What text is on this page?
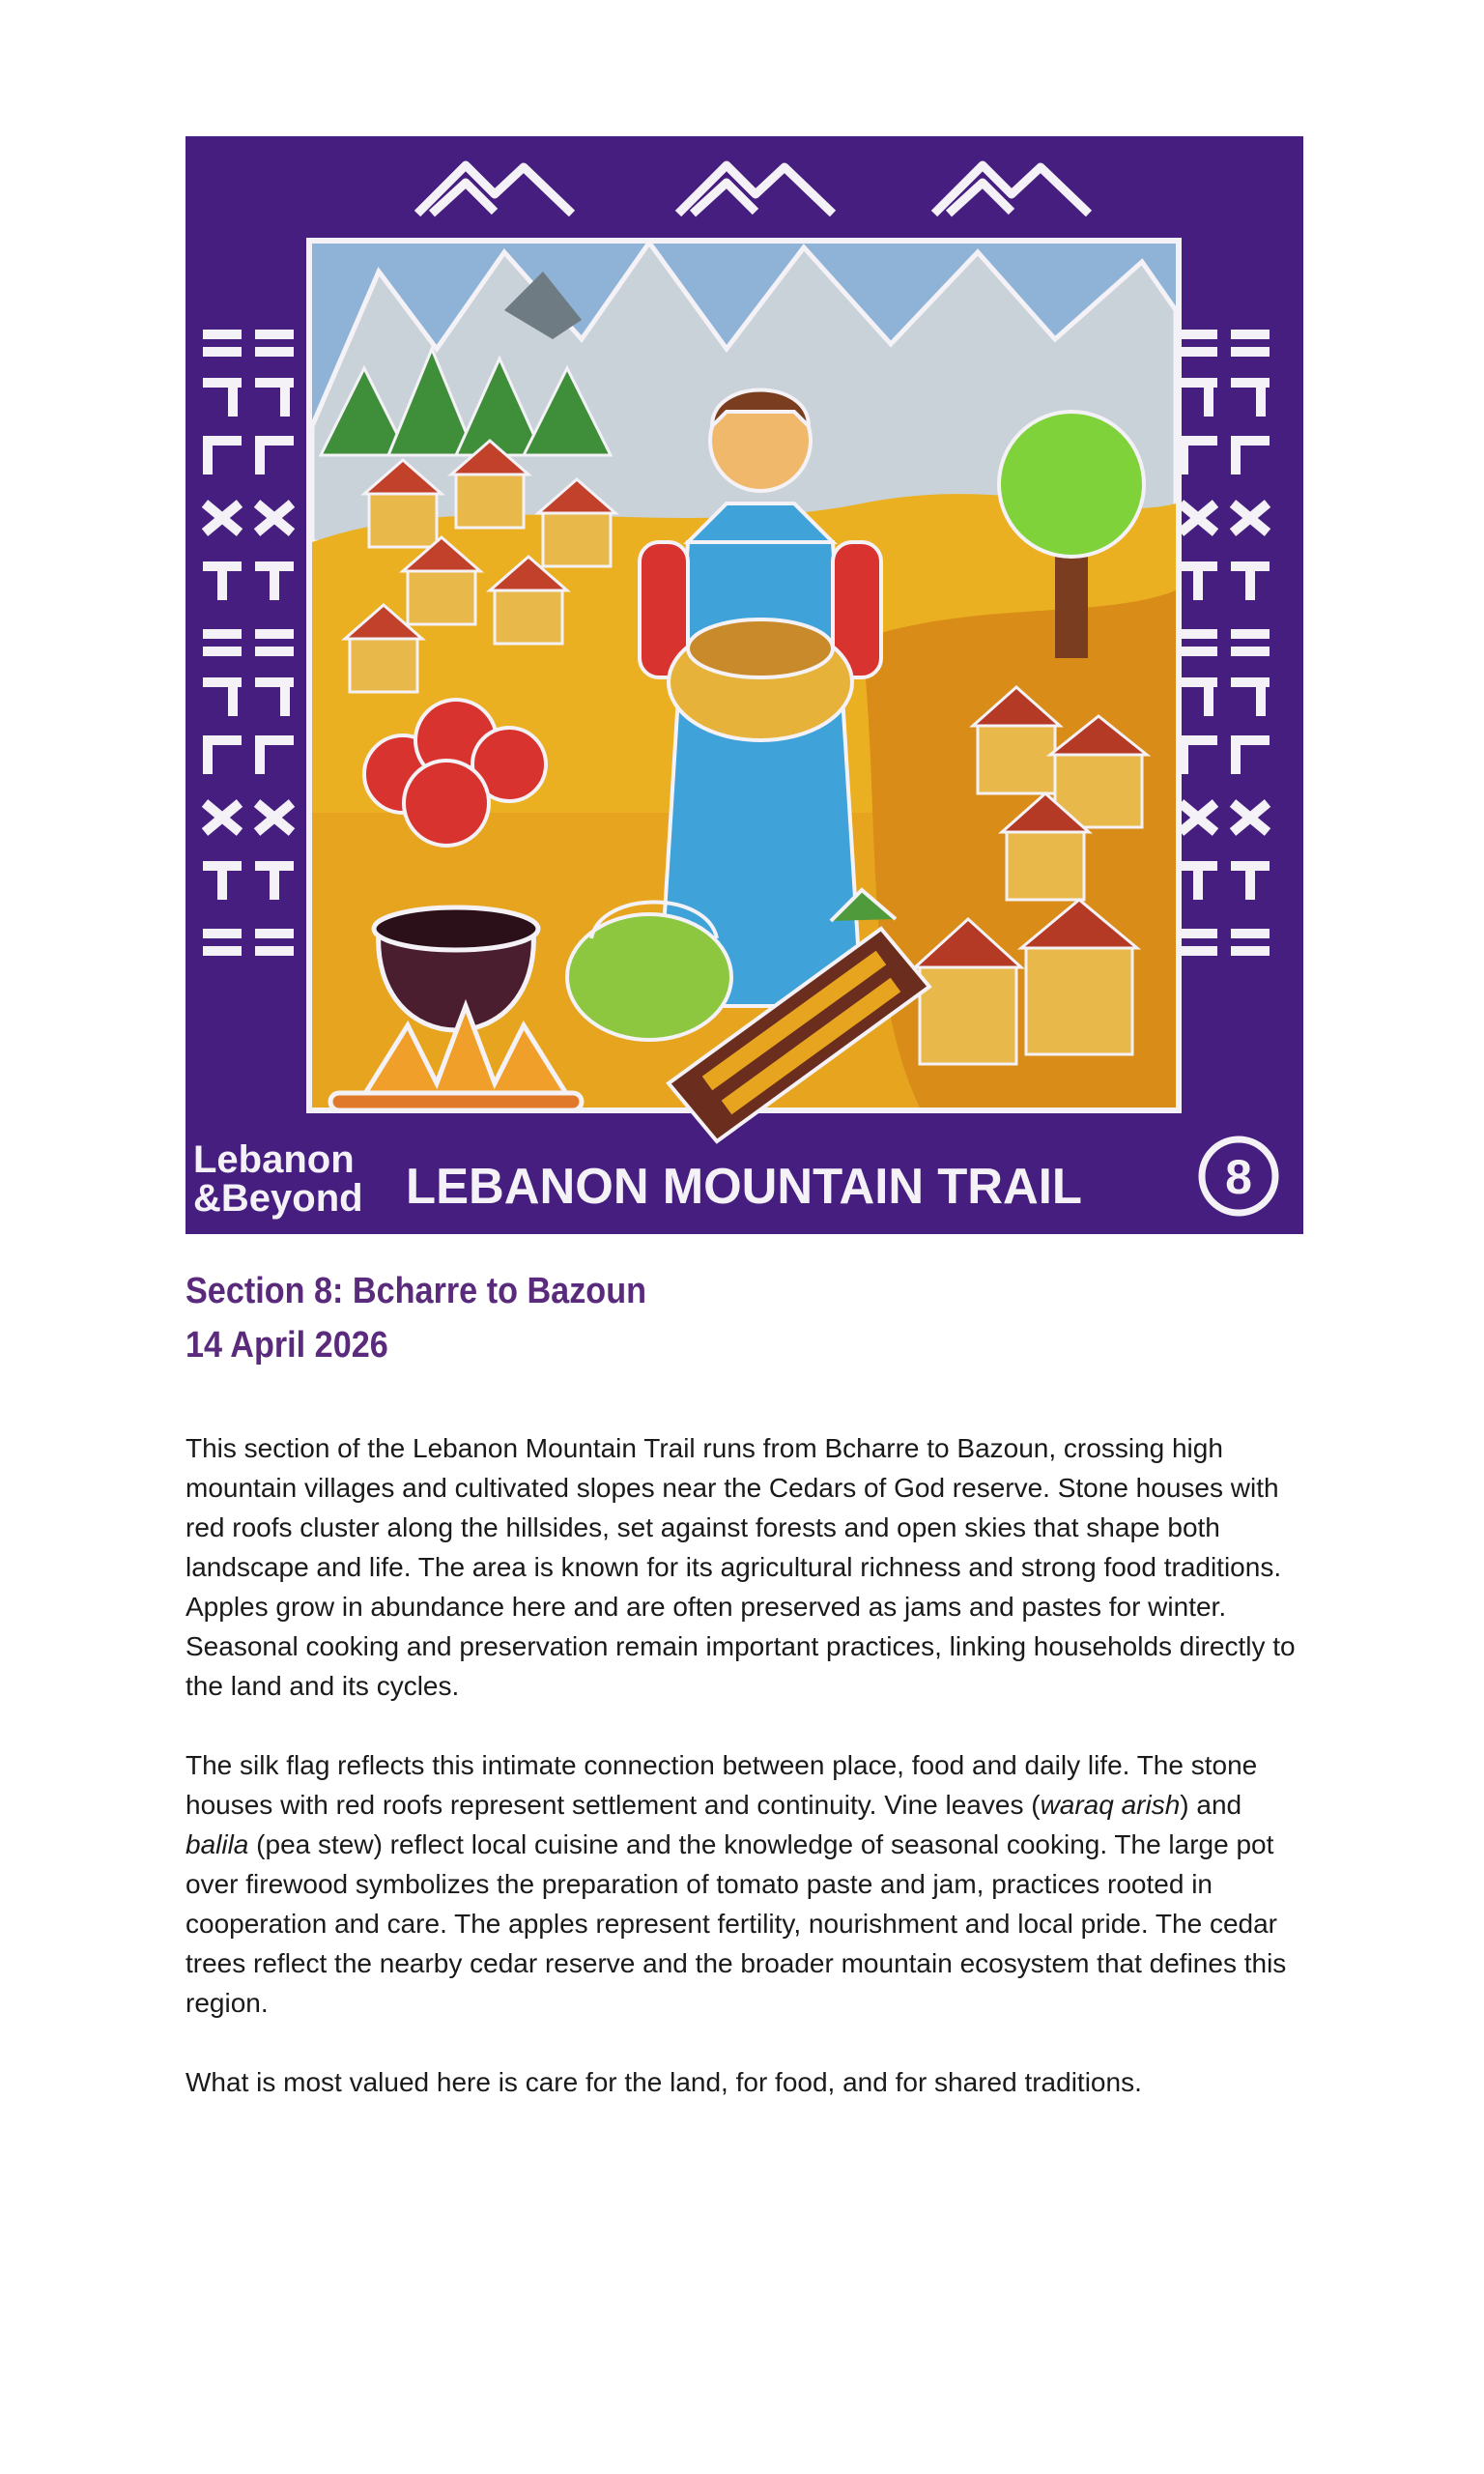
Lebanon
&Beyond LEBANON MOUNTAIN TRAIL	8
Section 8: Bcharre to Bazoun
14 April 2026

This section of the Lebanon Mountain Trail runs from Bcharre to Bazoun, crossing high mountain villages and cultivated slopes near the Cedars of God reserve. Stone houses with red roofs cluster along the hillsides, set against forests and open skies that shape both landscape and life. The area is known for its agricultural richness and strong food traditions. Apples grow in abundance here and are often preserved as jams and pastes for winter. Seasonal cooking and preservation remain important practices, linking households directly to the land and its cycles.

The silk flag reflects this intimate connection between place, food and daily life. The stone houses with red roofs represent settlement and continuity. Vine leaves (waraq arish) and balila (pea stew) reflect local cuisine and the knowledge of seasonal cooking. The large pot over firewood symbolizes the preparation of tomato paste and jam, practices rooted in cooperation and care. The apples represent fertility, nourishment and local pride. The cedar trees reflect the nearby cedar reserve and the broader mountain ecosystem that defines this region.

What is most valued here is care for the land, for food, and for shared traditions.
